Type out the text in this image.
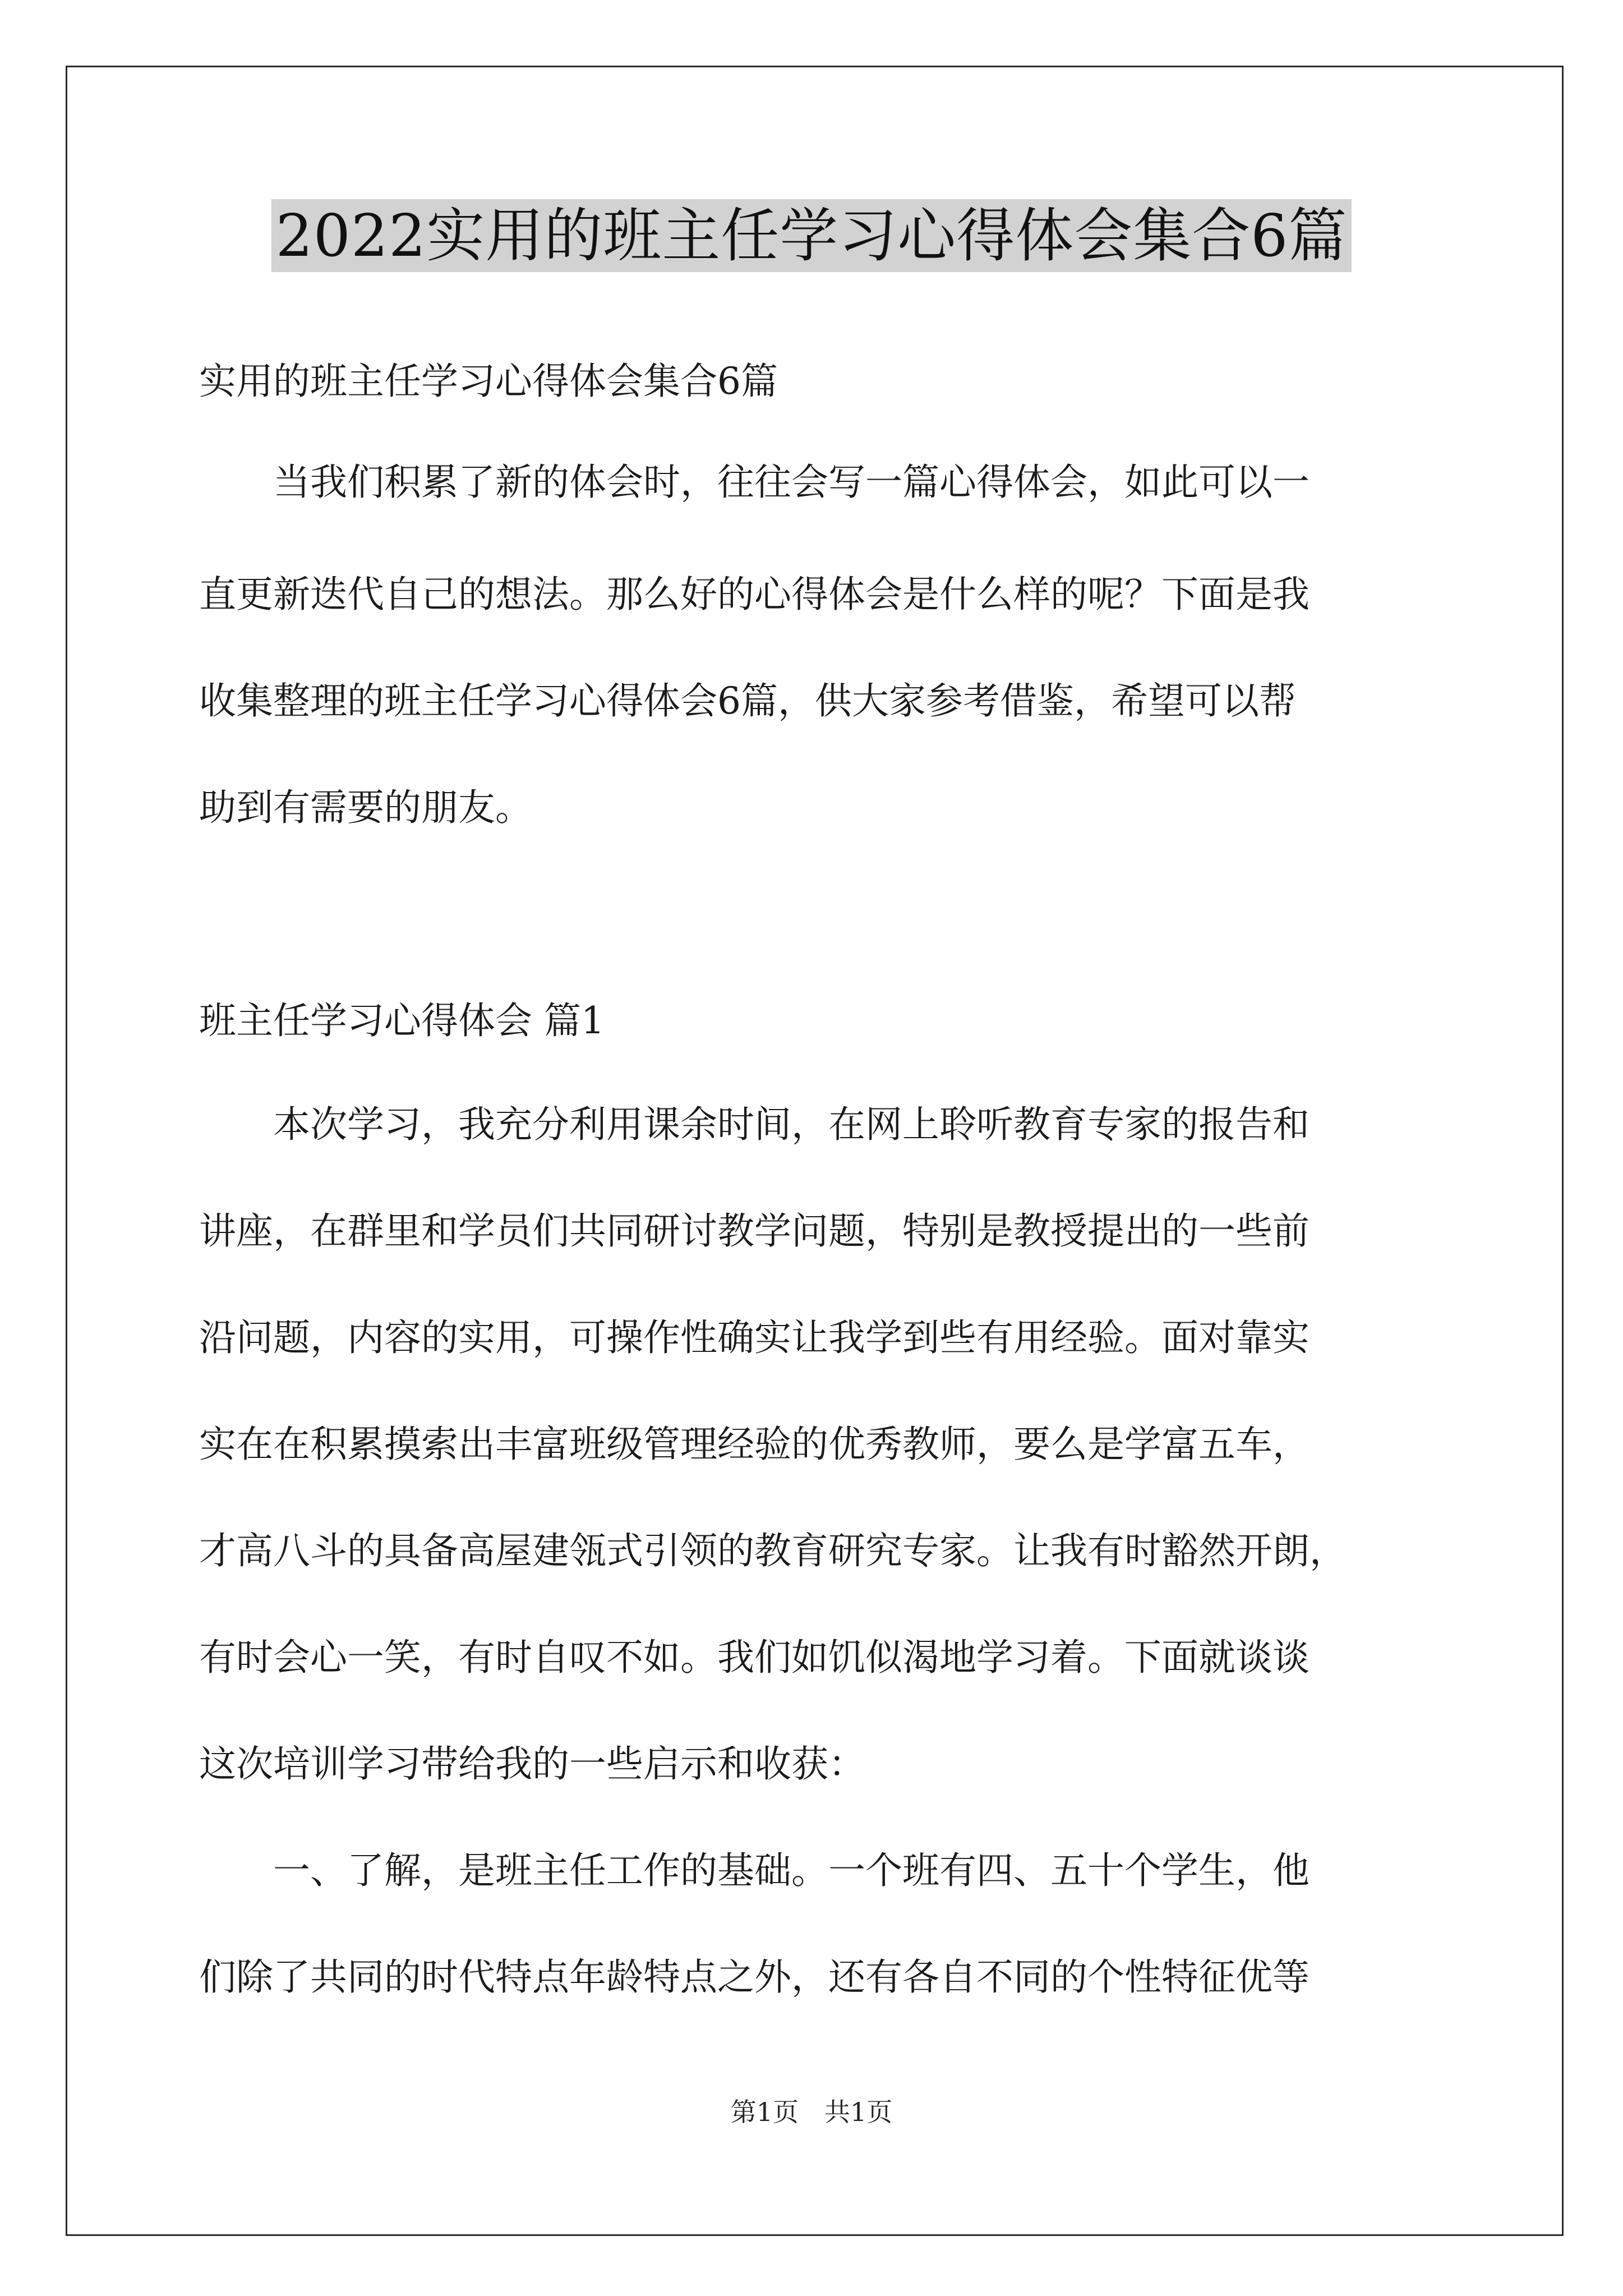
2022实用的班主任学习心得体会集合6篇
实用的班主任学习心得体会集合6篇
　　当我们积累了新的体会时，往往会写一篇心得体会，如此可以一
直更新迭代自己的想法。那么好的心得体会是什么样的呢？下面是我
收集整理的班主任学习心得体会6篇，供大家参考借鉴，希望可以帮
助到有需要的朋友。
班主任学习心得体会 篇1
　　本次学习，我充分利用课余时间，在网上聆听教育专家的报告和
讲座，在群里和学员们共同研讨教学问题，特别是教授提出的一些前
沿问题，内容的实用，可操作性确实让我学到些有用经验。面对靠实
实在在积累摸索出丰富班级管理经验的优秀教师，要么是学富五车，
才高八斗的具备高屋建瓴式引领的教育研究专家。让我有时豁然开朗，
有时会心一笑，有时自叹不如。我们如饥似渴地学习着。下面就谈谈
这次培训学习带给我的一些启示和收获：
　　一、了解，是班主任工作的基础。一个班有四、五十个学生，他
们除了共同的时代特点年龄特点之外，还有各自不同的个性特征优等
第1页　共1页
